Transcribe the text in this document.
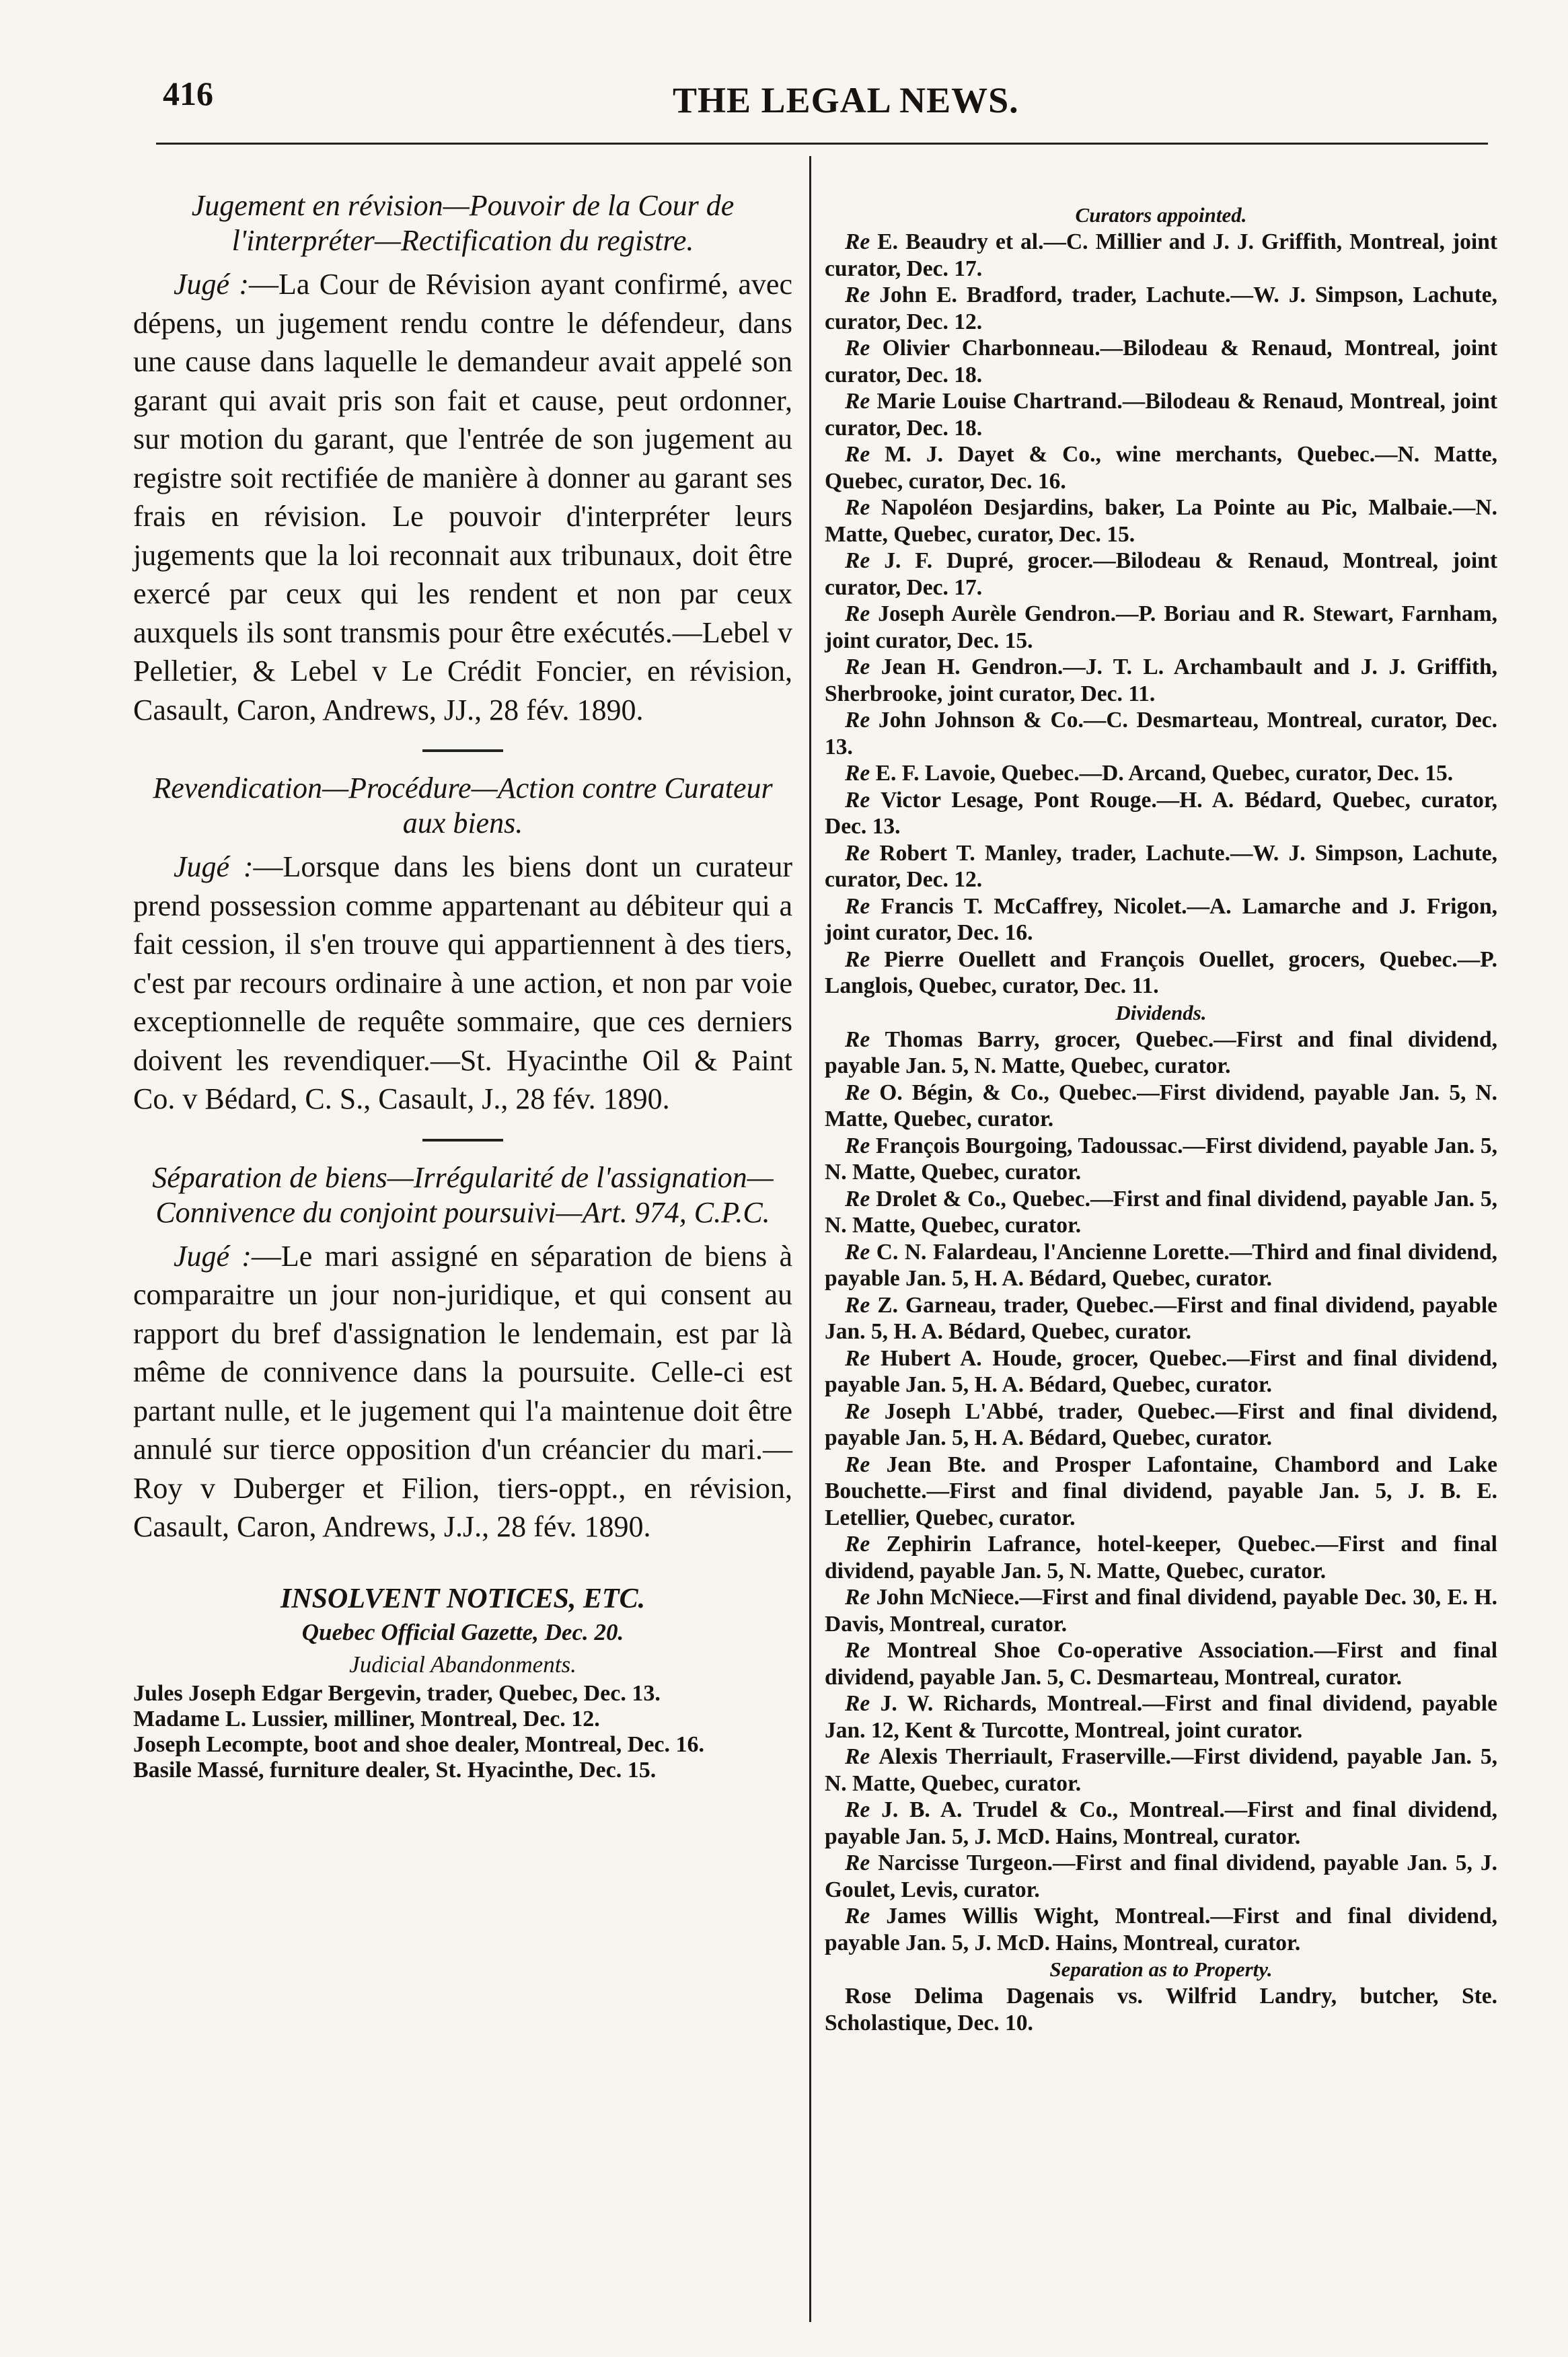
416	THE LEGAL NEWS.

Jugement en révision—Pouvoir de la Cour de l'interpréter—Rectification du registre.

Jugé :—La Cour de Révision ayant confirmé, avec dépens, un jugement rendu contre le défendeur, dans une cause dans laquelle le demandeur avait appelé son garant qui avait pris son fait et cause, peut ordonner, sur motion du garant, que l'entrée de son jugement au registre soit rectifiée de manière à donner au garant ses frais en révision. Le pouvoir d'interpréter leurs jugements que la loi reconnait aux tribunaux, doit être exercé par ceux qui les rendent et non par ceux auxquels ils sont transmis pour être exécutés.—Lebel v Pelletier, & Lebel v Le Crédit Foncier, en révision, Casault, Caron, Andrews, JJ., 28 fév. 1890.

Revendication—Procédure—Action contre Curateur aux biens.

Jugé :—Lorsque dans les biens dont un curateur prend possession comme appartenant au débiteur qui a fait cession, il s'en trouve qui appartiennent à des tiers, c'est par recours ordinaire à une action, et non par voie exceptionnelle de requête sommaire, que ces derniers doivent les revendiquer.—St. Hyacinthe Oil & Paint Co. v Bédard, C. S., Casault, J., 28 fév. 1890.

Séparation de biens—Irrégularité de l'assignation—Connivence du conjoint poursuivi—Art. 974, C.P.C.

Jugé :—Le mari assigné en séparation de biens à comparaitre un jour non-juridique, et qui consent au rapport du bref d'assignation le lendemain, est par là même de connivence dans la poursuite. Celle-ci est partant nulle, et le jugement qui l'a maintenue doit être annulé sur tierce opposition d'un créancier du mari.—Roy v Duberger et Filion, tiers-oppt., en révision, Casault, Caron, Andrews, J.J., 28 fév. 1890.

INSOLVENT NOTICES, ETC.
Quebec Official Gazette, Dec. 20.
Judicial Abandonments.

Jules Joseph Edgar Bergevin, trader, Quebec, Dec. 13.

Madame L. Lussier, milliner, Montreal, Dec. 12.

Joseph Lecompte, boot and shoe dealer, Montreal, Dec. 16.

Basile Massé, furniture dealer, St. Hyacinthe, Dec. 15.

Curators appointed.

Re E. Beaudry et al.—C. Millier and J. J. Griffith, Montreal, joint curator, Dec. 17.

Re John E. Bradford, trader, Lachute.—W. J. Simpson, Lachute, curator, Dec. 12.

Re Olivier Charbonneau.—Bilodeau & Renaud, Montreal, joint curator, Dec. 18.

Re Marie Louise Chartrand.—Bilodeau & Renaud, Montreal, joint curator, Dec. 18.

Re M. J. Dayet & Co., wine merchants, Quebec.—N. Matte, Quebec, curator, Dec. 16.

Re Napoléon Desjardins, baker, La Pointe au Pic, Malbaie.—N. Matte, Quebec, curator, Dec. 15.

Re J. F. Dupré, grocer.—Bilodeau & Renaud, Montreal, joint curator, Dec. 17.

Re Joseph Aurèle Gendron.—P. Boriau and R. Stewart, Farnham, joint curator, Dec. 15.

Re Jean H. Gendron.—J. T. L. Archambault and J. J. Griffith, Sherbrooke, joint curator, Dec. 11.

Re John Johnson & Co.—C. Desmarteau, Montreal, curator, Dec. 13.

Re E. F. Lavoie, Quebec.—D. Arcand, Quebec, curator, Dec. 15.

Re Victor Lesage, Pont Rouge.—H. A. Bédard, Quebec, curator, Dec. 13.

Re Robert T. Manley, trader, Lachute.—W. J. Simpson, Lachute, curator, Dec. 12.

Re Francis T. McCaffrey, Nicolet.—A. Lamarche and J. Frigon, joint curator, Dec. 16.

Re Pierre Ouellett and François Ouellet, grocers, Quebec.—P. Langlois, Quebec, curator, Dec. 11.

Dividends.

Re Thomas Barry, grocer, Quebec.—First and final dividend, payable Jan. 5, N. Matte, Quebec, curator.

Re O. Bégin, & Co., Quebec.—First dividend, payable Jan. 5, N. Matte, Quebec, curator.

Re François Bourgoing, Tadoussac.—First dividend, payable Jan. 5, N. Matte, Quebec, curator.

Re Drolet & Co., Quebec.—First and final dividend, payable Jan. 5, N. Matte, Quebec, curator.

Re C. N. Falardeau, l'Ancienne Lorette.—Third and final dividend, payable Jan. 5, H. A. Bédard, Quebec, curator.

Re Z. Garneau, trader, Quebec.—First and final dividend, payable Jan. 5, H. A. Bédard, Quebec, curator.

Re Hubert A. Houde, grocer, Quebec.—First and final dividend, payable Jan. 5, H. A. Bédard, Quebec, curator.

Re Joseph L'Abbé, trader, Quebec.—First and final dividend, payable Jan. 5, H. A. Bédard, Quebec, curator.

Re Jean Bte. and Prosper Lafontaine, Chambord and Lake Bouchette.—First and final dividend, payable Jan. 5, J. B. E. Letellier, Quebec, curator.

Re Zephirin Lafrance, hotel-keeper, Quebec.—First and final dividend, payable Jan. 5, N. Matte, Quebec, curator.

Re John McNiece.—First and final dividend, payable Dec. 30, E. H. Davis, Montreal, curator.

Re Montreal Shoe Co-operative Association.—First and final dividend, payable Jan. 5, C. Desmarteau, Montreal, curator.

Re J. W. Richards, Montreal.—First and final dividend, payable Jan. 12, Kent & Turcotte, Montreal, joint curator.

Re Alexis Therriault, Fraserville.—First dividend, payable Jan. 5, N. Matte, Quebec, curator.

Re J. B. A. Trudel & Co., Montreal.—First and final dividend, payable Jan. 5, J. McD. Hains, Montreal, curator.

Re Narcisse Turgeon.—First and final dividend, payable Jan. 5, J. Goulet, Levis, curator.

Re James Willis Wight, Montreal.—First and final dividend, payable Jan. 5, J. McD. Hains, Montreal, curator.

Separation as to Property.

Rose Delima Dagenais vs. Wilfrid Landry, butcher, Ste. Scholastique, Dec. 10.
